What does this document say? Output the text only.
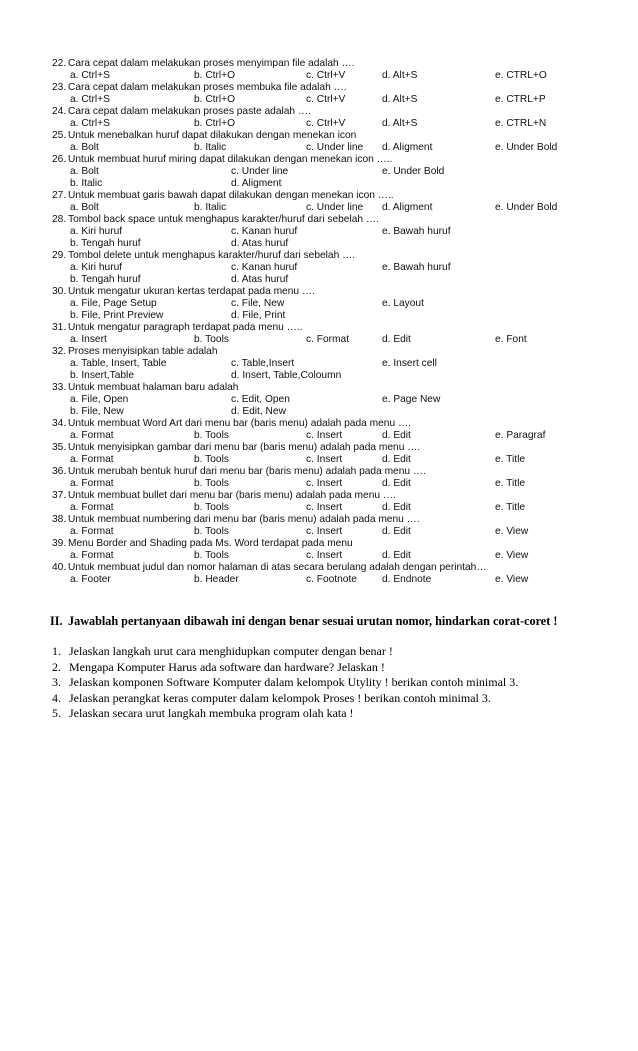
22. Cara cepat dalam melakukan proses menyimpan file adalah ….
a. Ctrl+S	b. Ctrl+O	c. Ctrl+V	d. Alt+S	e. CTRL+O
23. Cara cepat dalam melakukan proses membuka file adalah ….
a. Ctrl+S	b. Ctrl+O	c. Ctrl+V	d. Alt+S	e. CTRL+P
24. Cara cepat dalam melakukan proses paste adalah ….
a. Ctrl+S	b. Ctrl+O	c. Ctrl+V	d. Alt+S	e. CTRL+N
25. Untuk menebalkan huruf dapat dilakukan dengan menekan icon
a. Bolt	b. Italic	c. Under line d. Aligment	e. Under Bold
26. Untuk membuat huruf miring dapat dilakukan dengan menekan icon …..
a. Bolt	c. Under line	e. Under Bold
b. Italic	d. Aligment
27. Untuk membuat garis bawah dapat dilakukan dengan menekan icon …..
a. Bolt	b. Italic	c. Under line d. Aligment	e. Under Bold
28. Tombol back space untuk menghapus karakter/huruf dari sebelah ….
a. Kiri huruf	c. Kanan huruf	e. Bawah huruf
b. Tengah huruf	d. Atas huruf
29. Tombol delete untuk menghapus karakter/huruf dari sebelah ….
a. Kiri huruf	c. Kanan huruf	e. Bawah huruf
b. Tengah huruf	d. Atas huruf
30. Untuk mengatur ukuran kertas terdapat pada menu ….
a. File, Page Setup	c. File, New	e. Layout
b. File, Print Preview	d. File, Print
31. Untuk mengatur paragraph terdapat pada menu …..
a. Insert	b. Tools	c. Format	d. Edit	e. Font
32. Proses menyisipkan table adalah
a. Table, Insert, Table	c. Table,Insert	e. Insert cell
b. Insert,Table	d. Insert, Table,Coloumn
33. Untuk membuat halaman baru adalah
a. File, Open	c. Edit, Open	e. Page New
b. File, New	d. Edit, New
34. Untuk membuat Word Art dari menu bar (baris menu) adalah pada menu ….
a. Format	b. Tools	c. Insert	d. Edit	e. Paragraf
35. Untuk menyisipkan gambar dari menu bar (baris menu) adalah pada menu ….
a. Format	b. Tools	c. Insert	d. Edit	e. Title
36. Untuk merubah bentuk huruf dari menu bar (baris menu) adalah pada menu ….
a. Format	b. Tools	c. Insert	d. Edit	e. Title
37. Untuk membuat bullet dari menu bar (baris menu) adalah pada menu ….
a. Format	b. Tools	c. Insert	d. Edit	e. Title
38. Untuk membuat numbering dari menu bar (baris menu) adalah pada menu ….
a. Format	b. Tools	c. Insert	d. Edit	e. View
39. Menu Border and Shading pada Ms. Word terdapat pada menu
a. Format	b. Tools	c. Insert	d. Edit	e. View
40. Untuk membuat judul dan nomor halaman di atas secara berulang adalah dengan perintah…
a. Footer	b. Header	c. Footnote d. Endnote	e. View
II. Jawablah pertanyaan dibawah ini dengan benar sesuai urutan nomor, hindarkan corat-coret !
1. Jelaskan langkah urut cara menghidupkan computer dengan benar !
2. Mengapa Komputer Harus ada software dan hardware? Jelaskan !
3. Jelaskan komponen Software Komputer dalam kelompok Utylity ! berikan contoh minimal 3.
4. Jelaskan perangkat keras computer dalam kelompok Proses ! berikan contoh minimal 3.
5. Jelaskan secara urut langkah membuka program olah kata !
